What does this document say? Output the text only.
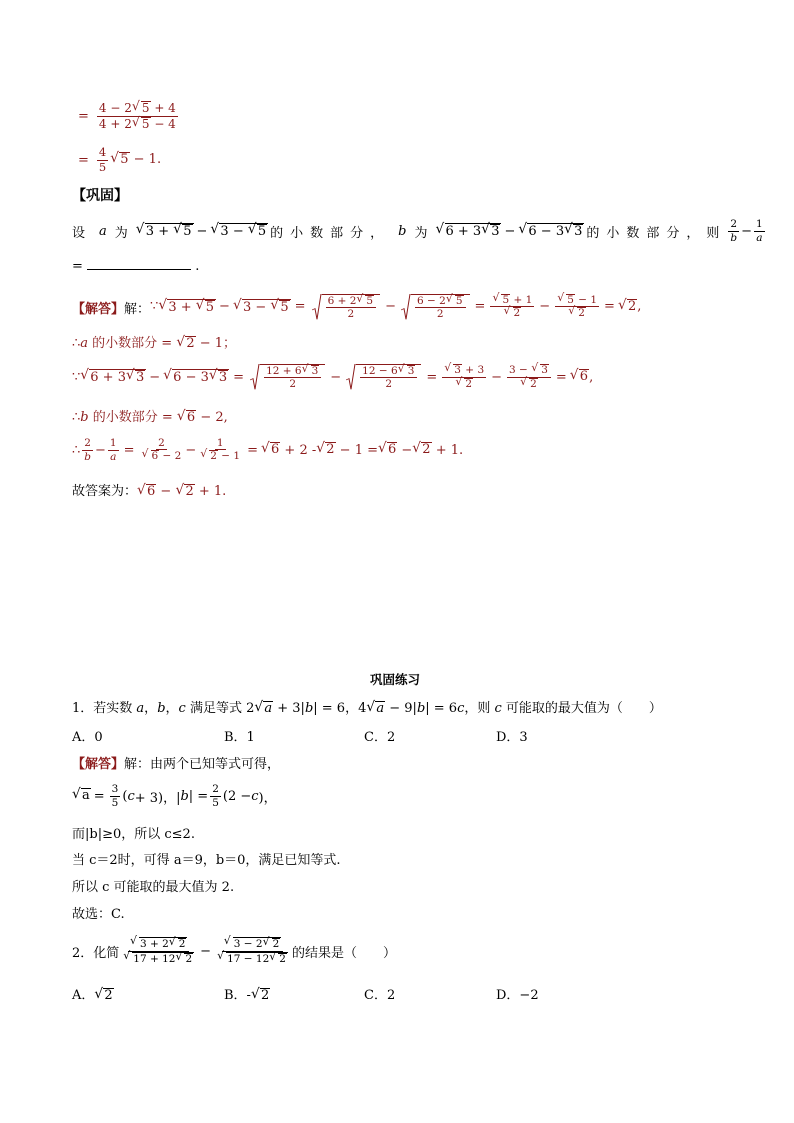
= $\frac{4 - 2 √ 5 + 4}{4 + 2 √ 5 - 4}$
= $\frac{4}{5}$ √ 5 − 1.
【巩固】
设 a 为	√ 3 + √ 5 −	√ 3 − √ 5 的小数部分， b 为	√ 6 + 3 √ 3 −	√ 6 − 3 √ 3 的小数部分，则 $\frac{2}{b} - \frac{1}{a}$
=	.
【解答】 解： ∵ √ 3 + √ 5 −	√ 3 − √ $5 = \frac{6 + 2 √ 5}{2} - \frac{6 - 2 √ 5}{2}$ = √ 5 + 1
√ 2 − √ 5 − 1
√ 2 =	√ 2 ,
∴a 的小数部分 = √ 2 − 1；
∵ √ 6 + 3 √ 3 −	√ 6 − 3 √ $3 = \frac{12 + 6 √ 3}{2} - \frac{12 - 6 √ 3}{2}$ = √ 3 + 3
√ 2 − 3 − √ 3
√ 2 =	√ 6 ,
∴b 的小数部分 = √ 6 − 2,
∴ $\frac{2}{b} - \frac{1}{a} = 2$
√ 6 − 2 − 1
√ 2 − 1 =	√ 6 + 2 - √ 2 − 1 = √ 6 − √ 2 + 1.
故答案为： √ 6 − √ 2 + 1.
巩固练习
1．若实数 a，b，c 满足等式 2 √ a + 3|b| = 6，4 √ a − 9|b| = 6c，则 c 可能取的最大值为（　　）
A．0	B．1	C．2	D．3
【解答】解：由两个已知等式可得，
√ $a = \frac{3}{5}$ ( c + 3)，| b | = $\frac{2}{5} (2 - c$ )，
而|b|≥0，所以 c≤2.
当 c＝2时，可得 a＝9，b＝0，满足已知等式.
所以 c 可能取的最大值为 2.
故选：C.
2．化简 √ 3 + 2 √ 2
√ 17 + 12 √ 2 − √ 3 − 2 √ 2
√ 17 − 12 √ 2 的结果是（　　）
A． √ 2	B．- √ 2	C．2	D．−2
